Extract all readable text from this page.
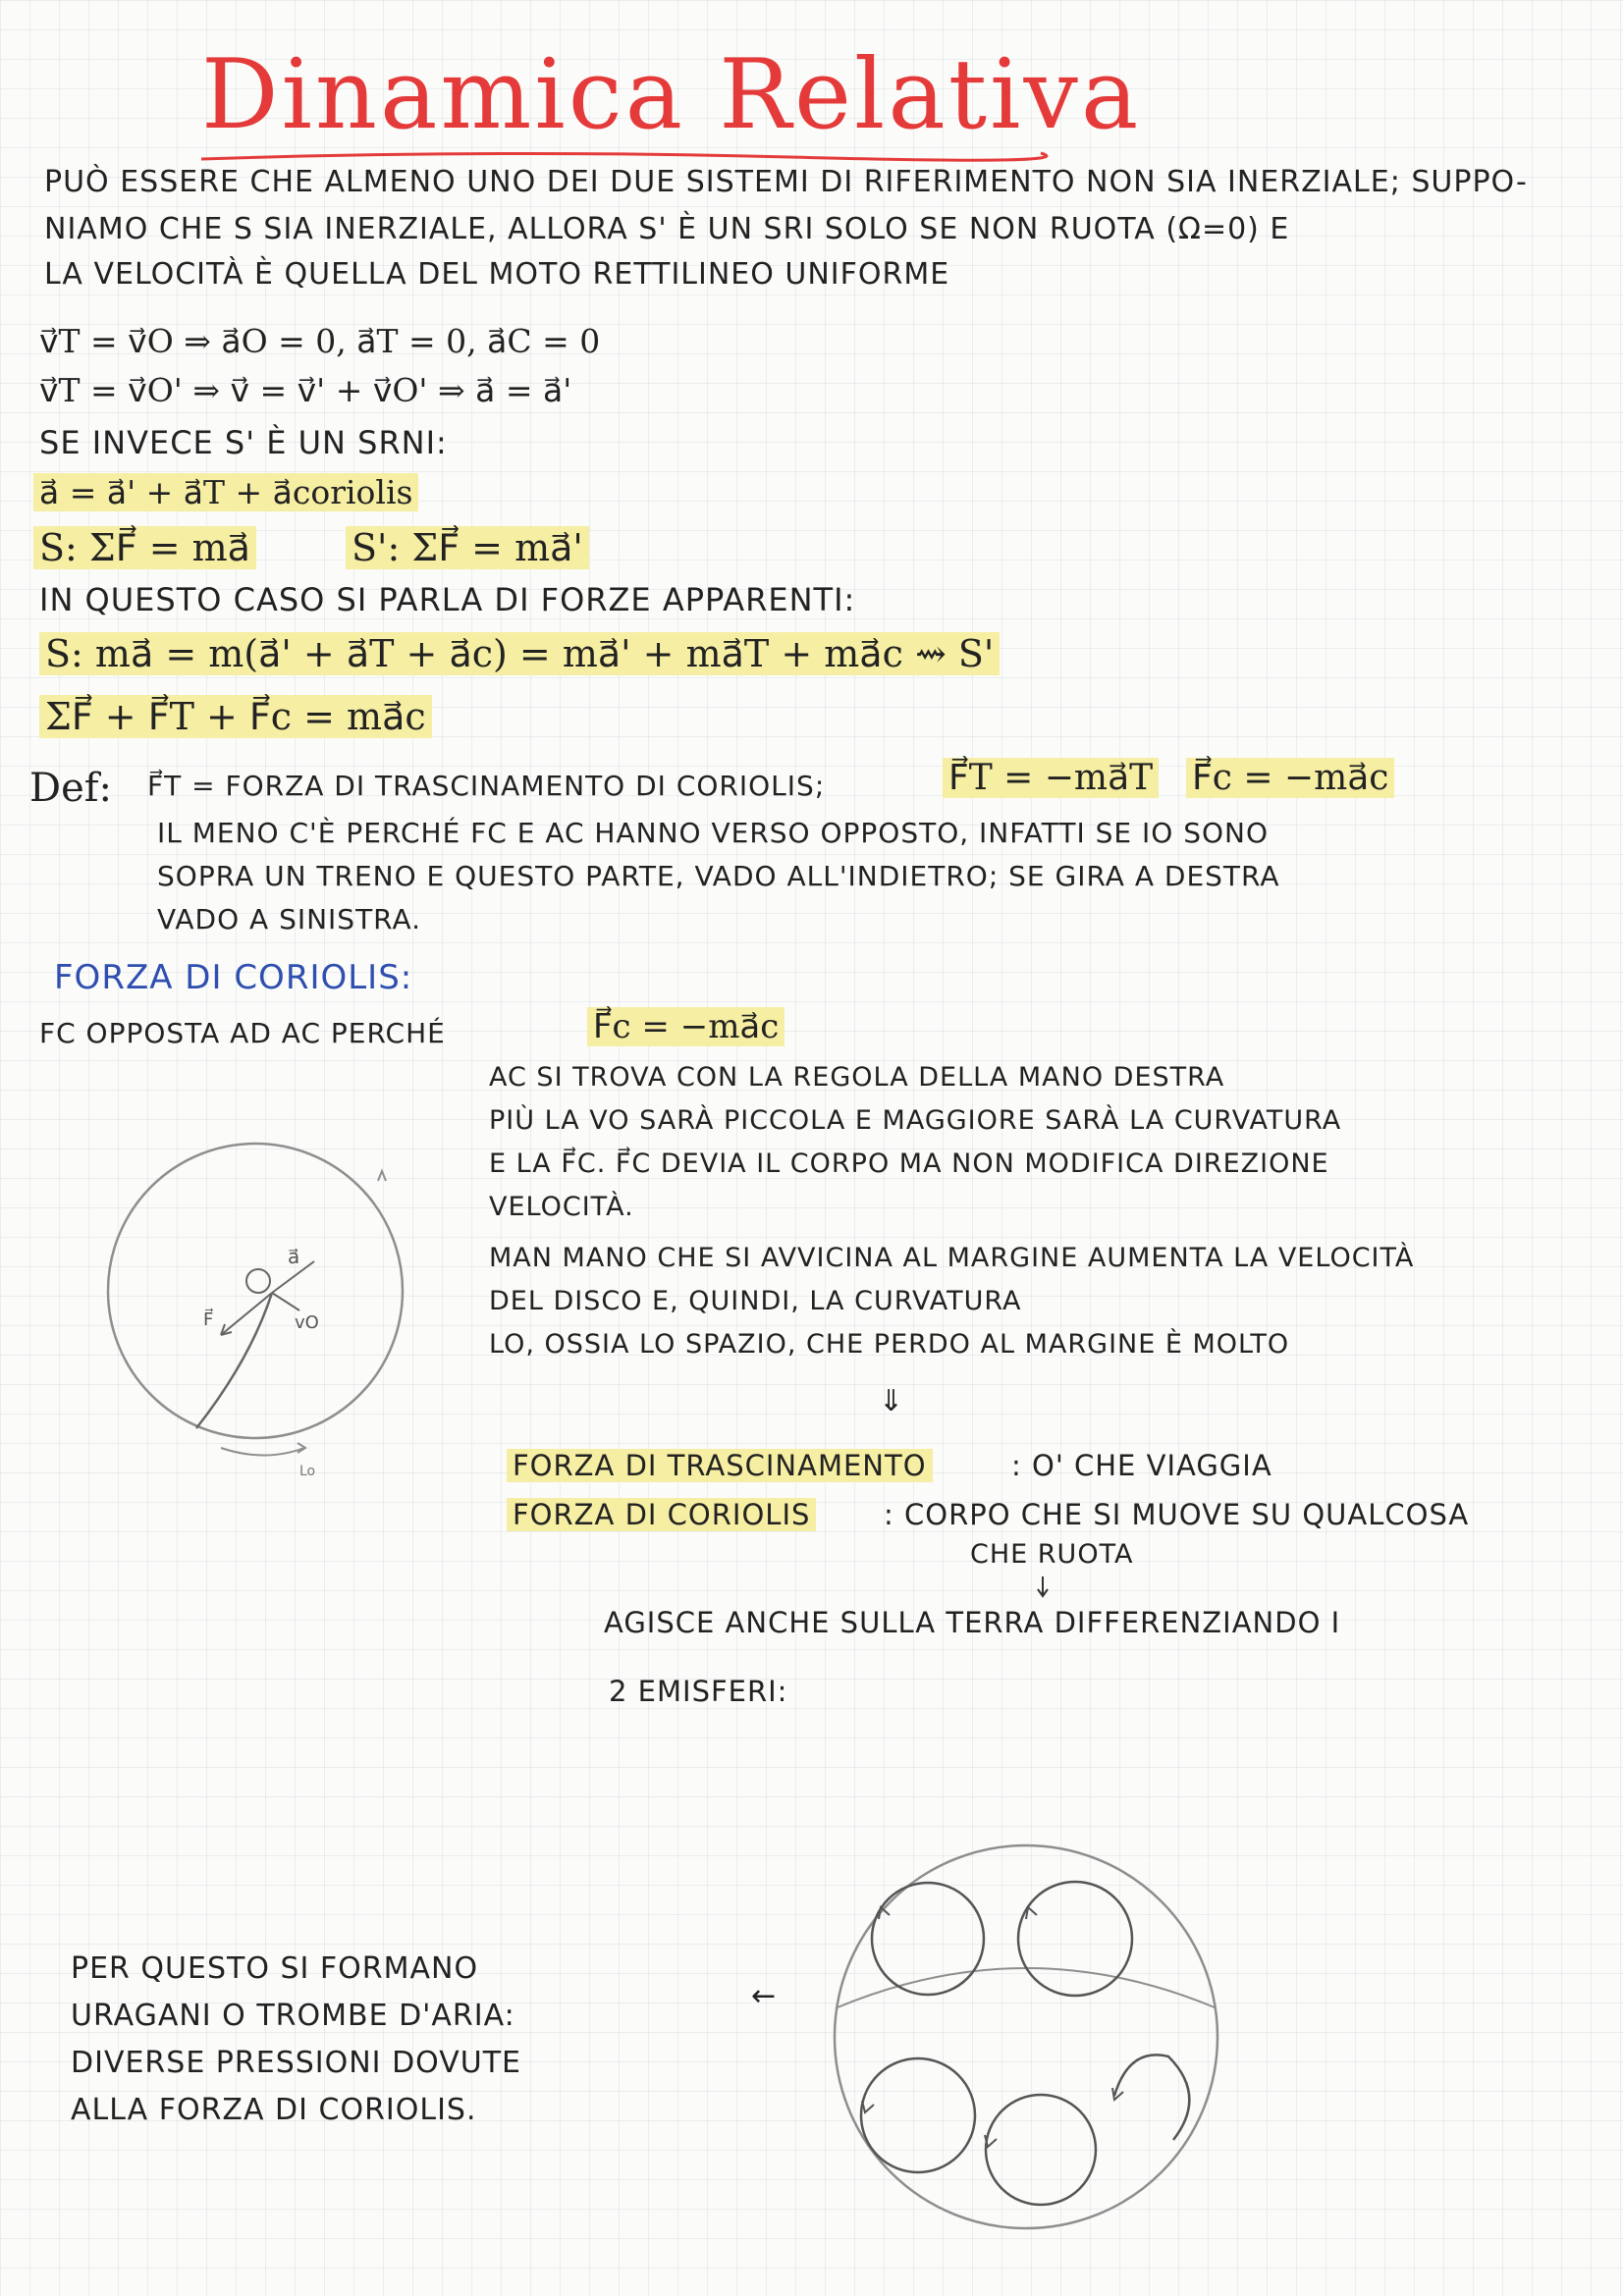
Dinamica Relativa
PUÒ ESSERE CHE ALMENO UNO DEI DUE SISTEMI DI RIFERIMENTO NON SIA INERZIALE; SUPPO-
NIAMO CHE S SIA INERZIALE, ALLORA S' È UN SRI SOLO SE NON RUOTA (Ω=0) E
LA VELOCITÀ È QUELLA DEL MOTO RETTILINEO UNIFORME
v⃗T = v⃗O ⇒ a⃗O = 0, a⃗T = 0, a⃗C = 0
v⃗T = v⃗O' ⇒ v⃗ = v⃗' + v⃗O' ⇒ a⃗ = a⃗'
SE INVECE S' È UN SRNI:
a⃗ = a⃗' + a⃗T + a⃗coriolis
S: ΣF⃗ = ma⃗	S': ΣF⃗ = ma⃗'
IN QUESTO CASO SI PARLA DI FORZE APPARENTI:
S: ma⃗ = m(a⃗' + a⃗T + a⃗c) = ma⃗' + ma⃗T + ma⃗c ⇝ S'
ΣF⃗ + F⃗T + F⃗c = ma⃗c
Def: F⃗T = FORZA DI TRASCINAMENTO DI CORIOLIS;	F⃗T = −ma⃗T F⃗c = −ma⃗c
IL MENO C'È PERCHÉ FC E AC HANNO VERSO OPPOSTO, INFATTI SE IO SONO
SOPRA UN TRENO E QUESTO PARTE, VADO ALL'INDIETRO; SE GIRA A DESTRA
VADO A SINISTRA.
FORZA DI CORIOLIS:
FC OPPOSTA AD AC PERCHÉ	F⃗c = −ma⃗c
AC SI TROVA CON LA REGOLA DELLA MANO DESTRA
PIÙ LA VO SARÀ PICCOLA E MAGGIORE SARÀ LA CURVATURA
E LA F⃗C. F⃗C DEVIA IL CORPO MA NON MODIFICA DIREZIONE
VELOCITÀ.
MAN MANO CHE SI AVVICINA AL MARGINE AUMENTA LA VELOCITÀ
DEL DISCO E, QUINDI, LA CURVATURA
LO, OSSIA LO SPAZIO, CHE PERDO AL MARGINE È MOLTO
⇓
a⃗
vO
F⃗
Lo	FORZA DI TRASCINAMENTO	: O' CHE VIAGGIA
FORZA DI CORIOLIS	: CORPO CHE SI MUOVE SU QUALCOSA
CHE RUOTA
AGISCE ANCHE SULLA TERRA DIFFERENZIANDO I
2 EMISFERI:
PER QUESTO SI FORMANO
URAGANI O TROMBE D'ARIA:
DIVERSE PRESSIONI DOVUTE
ALLA FORZA DI CORIOLIS.
←
